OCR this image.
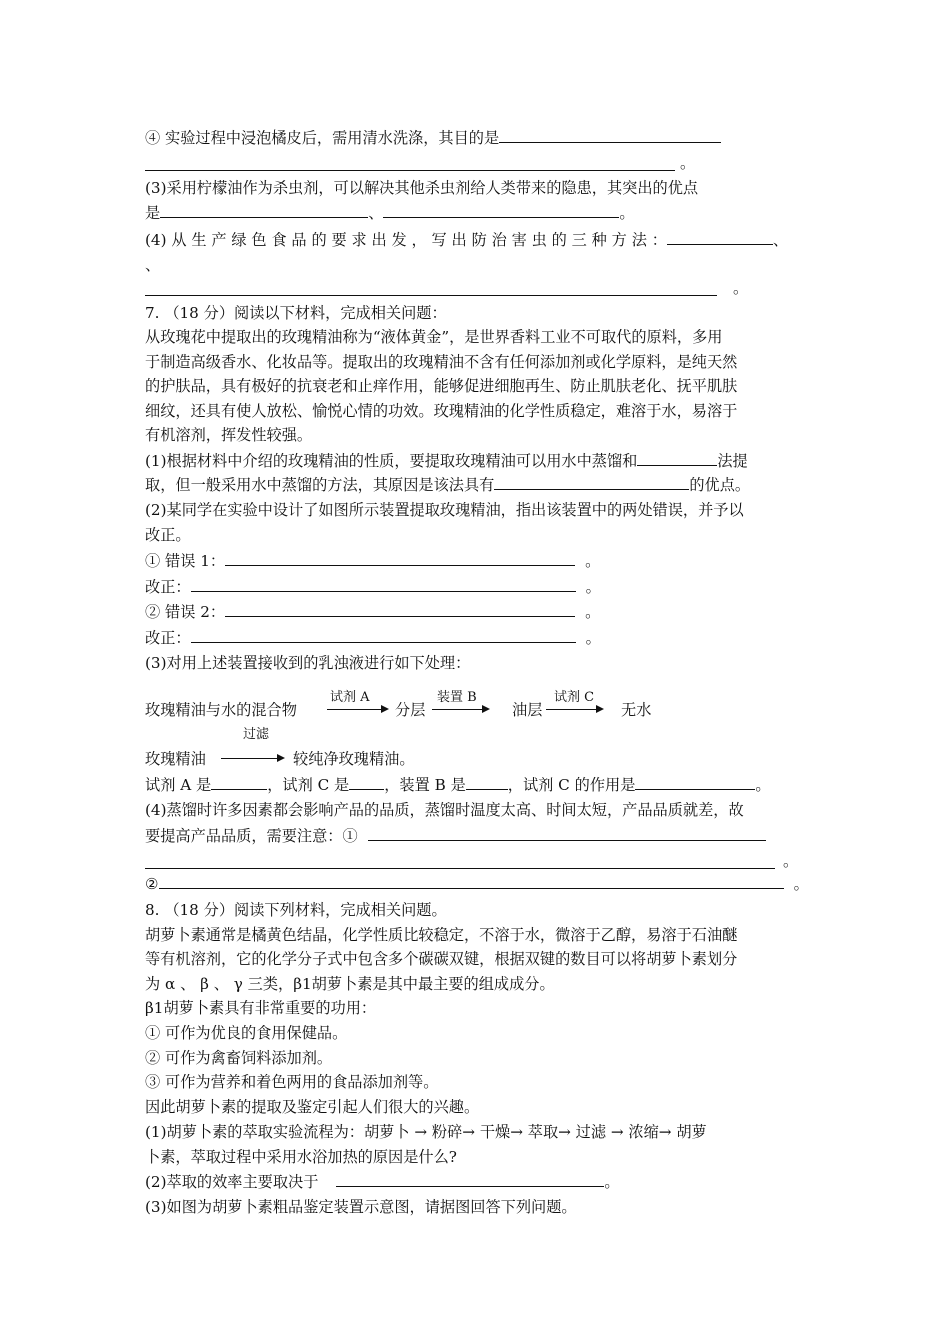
④ 实验过程中浸泡橘皮后，需用清水洗涤，其目的是
。
(3)采用柠檬油作为杀虫剂，可以解决其他杀虫剂给人类带来的隐患，其突出的优点
是	、	。
(4) 从 生 产 绿 色 食 品 的 要 求 出 发 ， 写 出 防 治 害 虫 的 三 种 方 法 ：	、
、
。
7. （18 分）阅读以下材料，完成相关问题：
从玫瑰花中提取出的玫瑰精油称为“液体黄金”，是世界香料工业不可取代的原料，多用
于制造高级香水、化妆品等。提取出的玫瑰精油不含有任何添加剂或化学原料，是纯天然
的护肤品，具有极好的抗衰老和止痒作用，能够促进细胞再生、防止肌肤老化、抚平肌肤
细纹，还具有使人放松、愉悦心情的功效。玫瑰精油的化学性质稳定，难溶于水，易溶于
有机溶剂，挥发性较强。
(1)根据材料中介绍的玫瑰精油的性质，要提取玫瑰精油可以用水中蒸馏和	法提
取，但一般采用水中蒸馏的方法，其原因是该法具有	的优点。
(2)某同学在实验中设计了如图所示装置提取玫瑰精油，指出该装置中的两处错误，并予以
改正。
① 错误 1：	。
改正：	。
② 错误 2：	。
改正：	。
(3)对用上述装置接收到的乳浊液进行如下处理：
玫瑰精油与水的混合物
试剂 A
分层
装置 B
油层
试剂 C
无水
过滤
玫瑰精油	较纯净玫瑰精油。
试剂 A 是	，试剂 C 是 ，装置 B 是	，试剂 C 的作用是	。
(4)蒸馏时许多因素都会影响产品的品质，蒸馏时温度太高、时间太短，产品品质就差，故
要提高产品品质，需要注意：①
。
②	。
8. （18 分）阅读下列材料，完成相关问题。
胡萝卜素通常是橘黄色结晶，化学性质比较稳定，不溶于水，微溶于乙醇，易溶于石油醚
等有机溶剂，它的化学分子式中包含多个碳碳双键，根据双键的数目可以将胡萝卜素划分
为 α 、 β 、 γ 三类，β1胡萝卜素是其中最主要的组成成分。
β1胡萝卜素具有非常重要的功用：
① 可作为优良的食用保健品。
② 可作为禽畜饲料添加剂。
③ 可作为营养和着色两用的食品添加剂等。
因此胡萝卜素的提取及鉴定引起人们很大的兴趣。
(1)胡萝卜素的萃取实验流程为：胡萝卜 → 粉碎→ 干燥→ 萃取→ 过滤 → 浓缩→ 胡萝
卜素，萃取过程中采用水浴加热的原因是什么?
(2)萃取的效率主要取决于	。
(3)如图为胡萝卜素粗品鉴定装置示意图，请据图回答下列问题。
